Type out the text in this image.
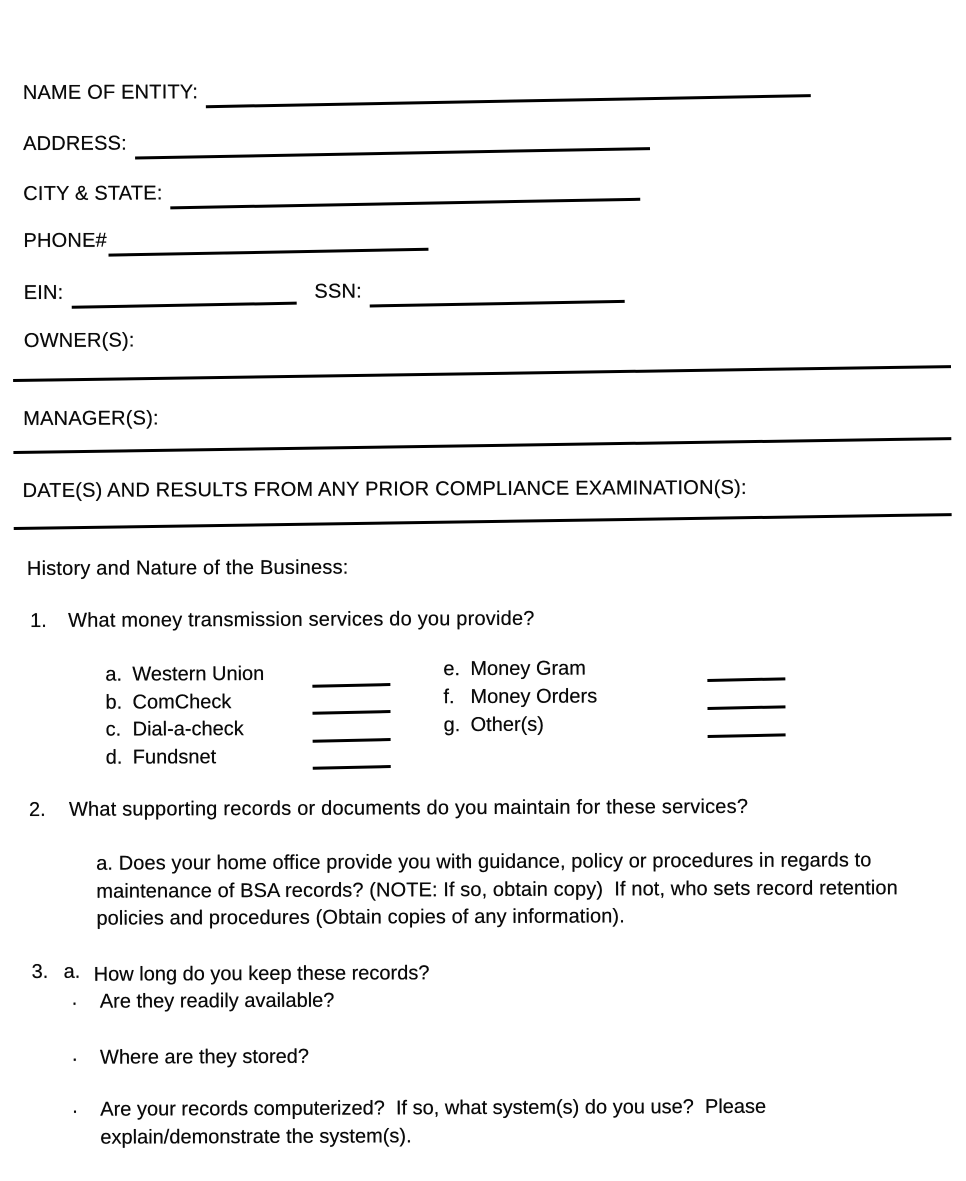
NAME OF ENTITY:
ADDRESS:
CITY & STATE:
PHONE#
EIN:	SSN:
OWNER(S):
MANAGER(S):
DATE(S) AND RESULTS FROM ANY PRIOR COMPLIANCE EXAMINATION(S):
History and Nature of the Business:
1. What money transmission services do you provide?
a. Western Union
b. ComCheck
c. Dial-a-check
d. Fundsnet
e. Money Gram
f. Money Orders
g. Other(s)
2. What supporting records or documents do you maintain for these services?
a. Does your home office provide you with guidance, policy or procedures in regards to maintenance of BSA records? (NOTE: If so, obtain copy)  If not, who sets record retention policies and procedures (Obtain copies of any information).
3. a. How long do you keep these records?
.	Are they readily available?
.	Where are they stored?
.	Are your records computerized?  If so, what system(s) do you use?  Please explain/demonstrate the system(s).
